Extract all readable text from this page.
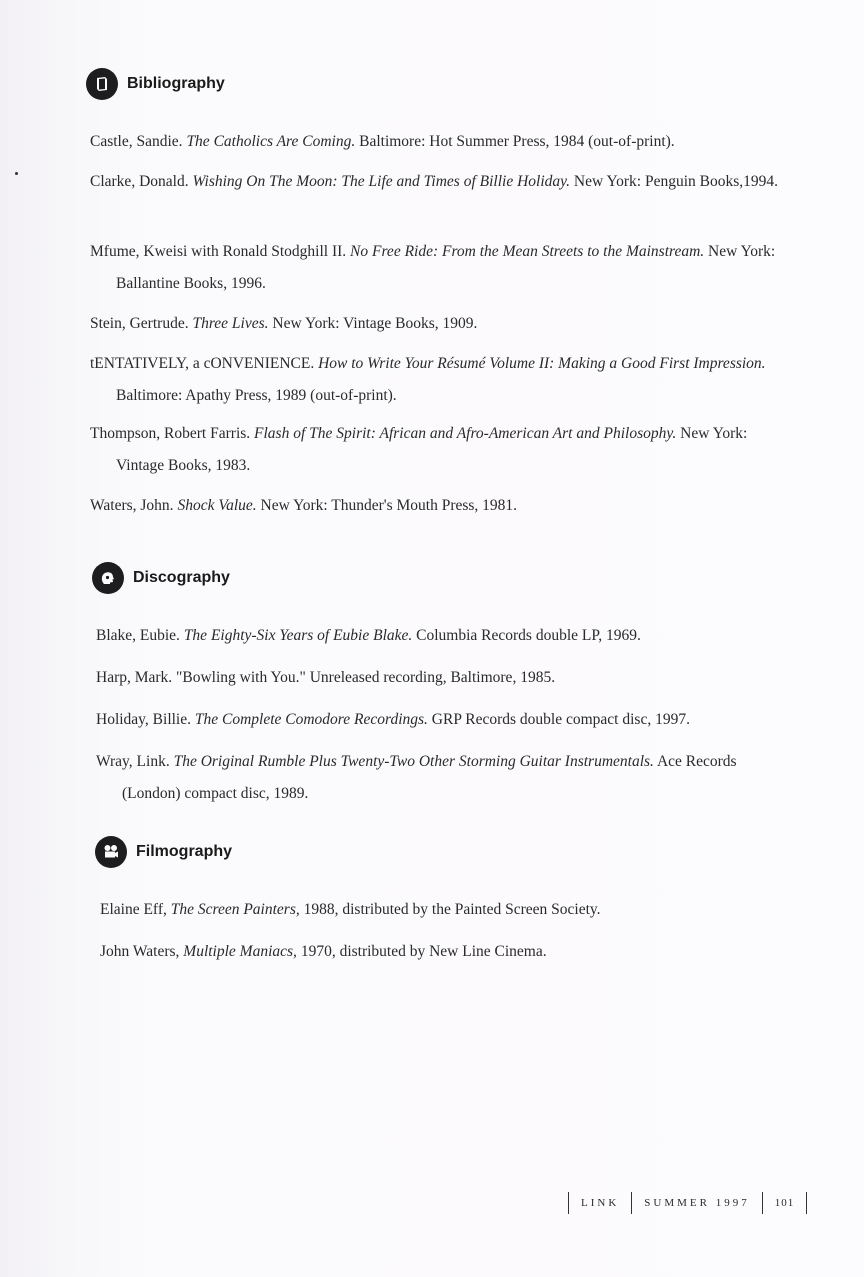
Bibliography
Castle, Sandie. The Catholics Are Coming. Baltimore: Hot Summer Press, 1984 (out-of-print).
Clarke, Donald. Wishing On The Moon: The Life and Times of Billie Holiday. New York: Penguin Books,1994.
Mfume, Kweisi with Ronald Stodghill II. No Free Ride: From the Mean Streets to the Mainstream. New York: Ballantine Books, 1996.
Stein, Gertrude. Three Lives. New York: Vintage Books, 1909.
tENTATIVELY, a cONVENIENCE. How to Write Your Résumé Volume II: Making a Good First Impression. Baltimore: Apathy Press, 1989 (out-of-print).
Thompson, Robert Farris. Flash of The Spirit: African and Afro-American Art and Philosophy. New York: Vintage Books, 1983.
Waters, John. Shock Value. New York: Thunder's Mouth Press, 1981.
Discography
Blake, Eubie. The Eighty-Six Years of Eubie Blake. Columbia Records double LP, 1969.
Harp, Mark. "Bowling with You." Unreleased recording, Baltimore, 1985.
Holiday, Billie. The Complete Comodore Recordings. GRP Records double compact disc, 1997.
Wray, Link. The Original Rumble Plus Twenty-Two Other Storming Guitar Instrumentals. Ace Records (London) compact disc, 1989.
Filmography
Elaine Eff, The Screen Painters, 1988, distributed by the Painted Screen Society.
John Waters, Multiple Maniacs, 1970, distributed by New Line Cinema.
LINK	SUMMER 1997	101
